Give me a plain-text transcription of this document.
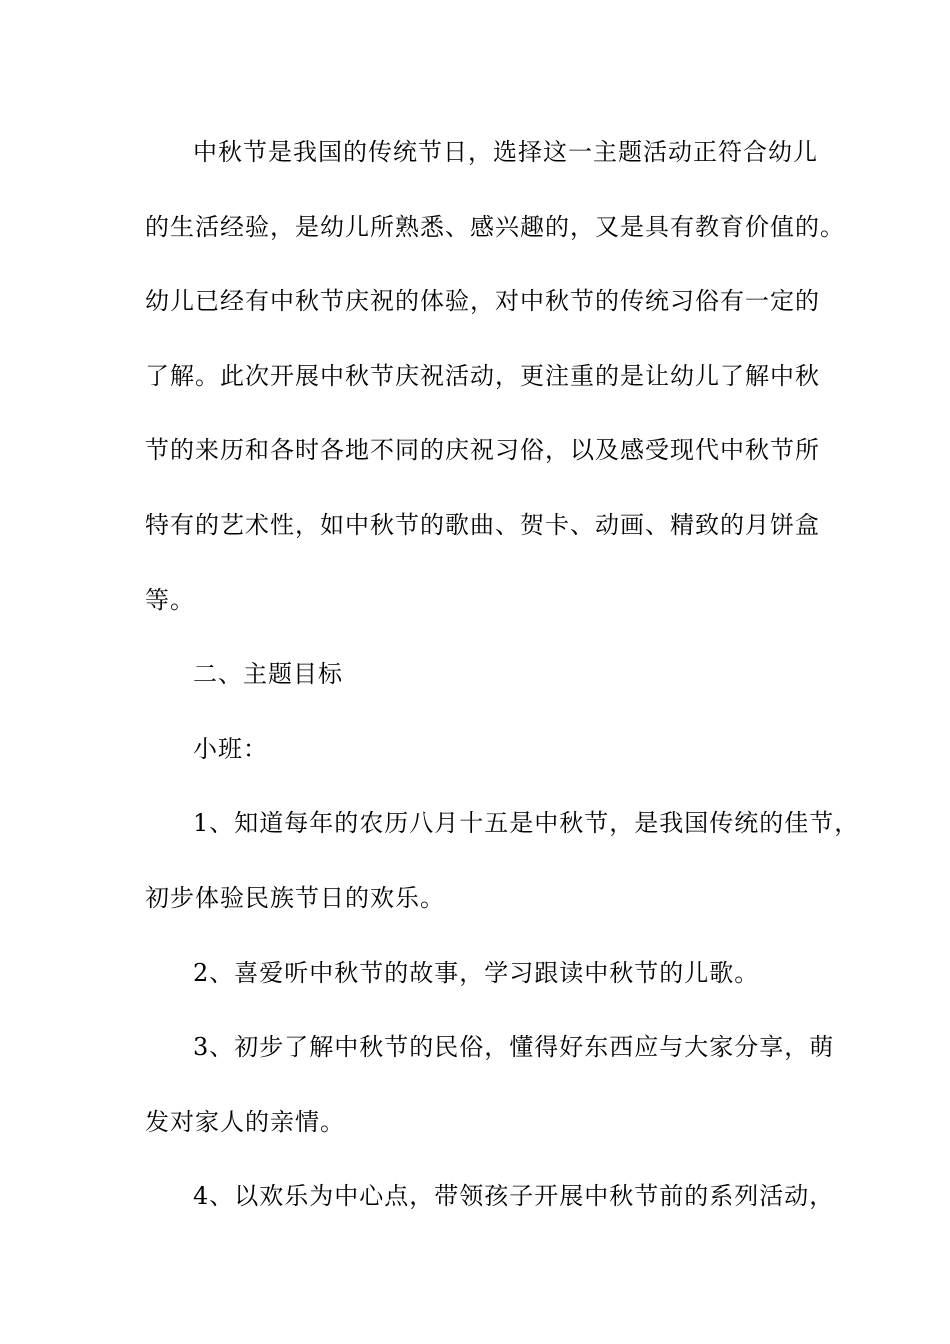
中秋节是我国的传统节日，选择这一主题活动正符合幼儿
的生活经验，是幼儿所熟悉、感兴趣的，又是具有教育价值的。
幼儿已经有中秋节庆祝的体验，对中秋节的传统习俗有一定的
了解。此次开展中秋节庆祝活动，更注重的是让幼儿了解中秋
节的来历和各时各地不同的庆祝习俗，以及感受现代中秋节所
特有的艺术性，如中秋节的歌曲、贺卡、动画、精致的月饼盒
等。
二、主题目标
小班：
1、知道每年的农历八月十五是中秋节，是我国传统的佳节，
初步体验民族节日的欢乐。
2、喜爱听中秋节的故事，学习跟读中秋节的儿歌。
3、初步了解中秋节的民俗，懂得好东西应与大家分享，萌
发对家人的亲情。
4、以欢乐为中心点，带领孩子开展中秋节前的系列活动，
